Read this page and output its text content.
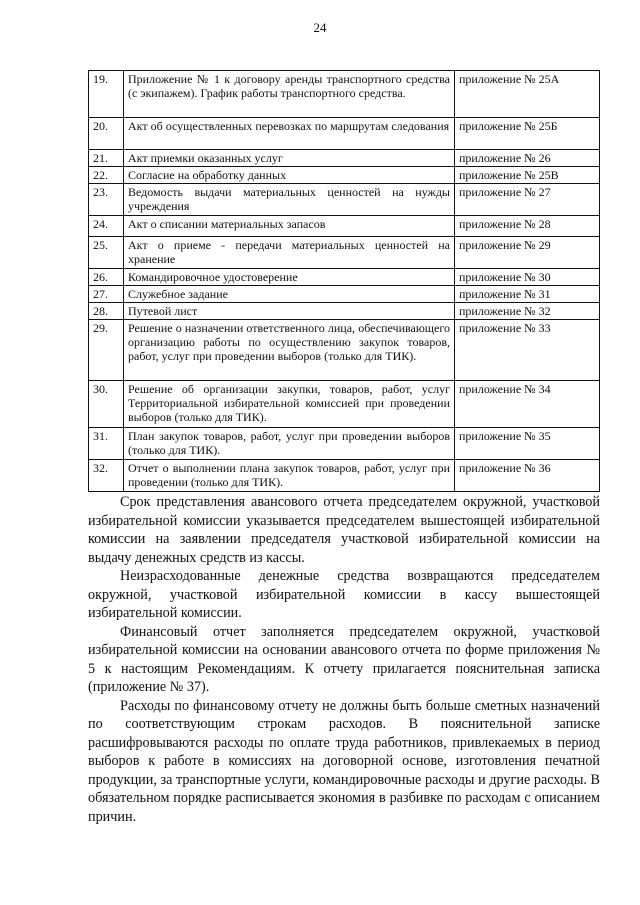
24
19.	Приложение № 1 к договору аренды транспортного средства (с экипажем). График работы транспортного средства.	приложение № 25А
20.	Акт об осуществленных перевозках по маршрутам следования	приложение № 25Б
21.	Акт приемки оказанных услуг	приложение № 26
22.	Согласие на обработку данных	приложение № 25В
23.	Ведомость выдачи материальных ценностей на нужды учреждения	приложение № 27
24.	Акт о списании материальных запасов	приложение № 28
25.	Акт о приеме - передачи материальных ценностей на хранение	приложение № 29
26.	Командировочное удостоверение	приложение № 30
27.	Служебное задание	приложение № 31
28.	Путевой лист	приложение № 32
29.	Решение о назначении ответственного лица, обеспечивающего организацию работы по осуществлению закупок товаров, работ, услуг при проведении выборов (только для ТИК).	приложение № 33
30.	Решение об организации закупки, товаров, работ, услуг Территориальной избирательной комиссией при проведении выборов (только для ТИК).	приложение № 34
31.	План закупок товаров, работ, услуг при проведении выборов (только для ТИК).	приложение № 35
32.	Отчет о выполнении плана закупок товаров, работ, услуг при проведении (только для ТИК).	приложение № 36

Срок представления авансового отчета председателем окружной, участковой избирательной комиссии указывается председателем вышестоящей избирательной комиссии на заявлении председателя участковой избирательной комиссии на выдачу денежных средств из кассы.

Неизрасходованные денежные средства возвращаются председателем окружной, участковой избирательной комиссии в кассу вышестоящей избирательной комиссии.

Финансовый отчет заполняется председателем окружной, участковой избирательной комиссии на основании авансового отчета по форме приложения № 5 к настоящим Рекомендациям. К отчету прилагается пояснительная записка (приложение № 37).

Расходы по финансовому отчету не должны быть больше сметных назначений по соответствующим строкам расходов. В пояснительной записке расшифровываются расходы по оплате труда работников, привлекаемых в период выборов к работе в комиссиях на договорной основе, изготовления печатной продукции, за транспортные услуги, командировочные расходы и другие расходы. В обязательном порядке расписывается экономия в разбивке по расходам с описанием причин.
